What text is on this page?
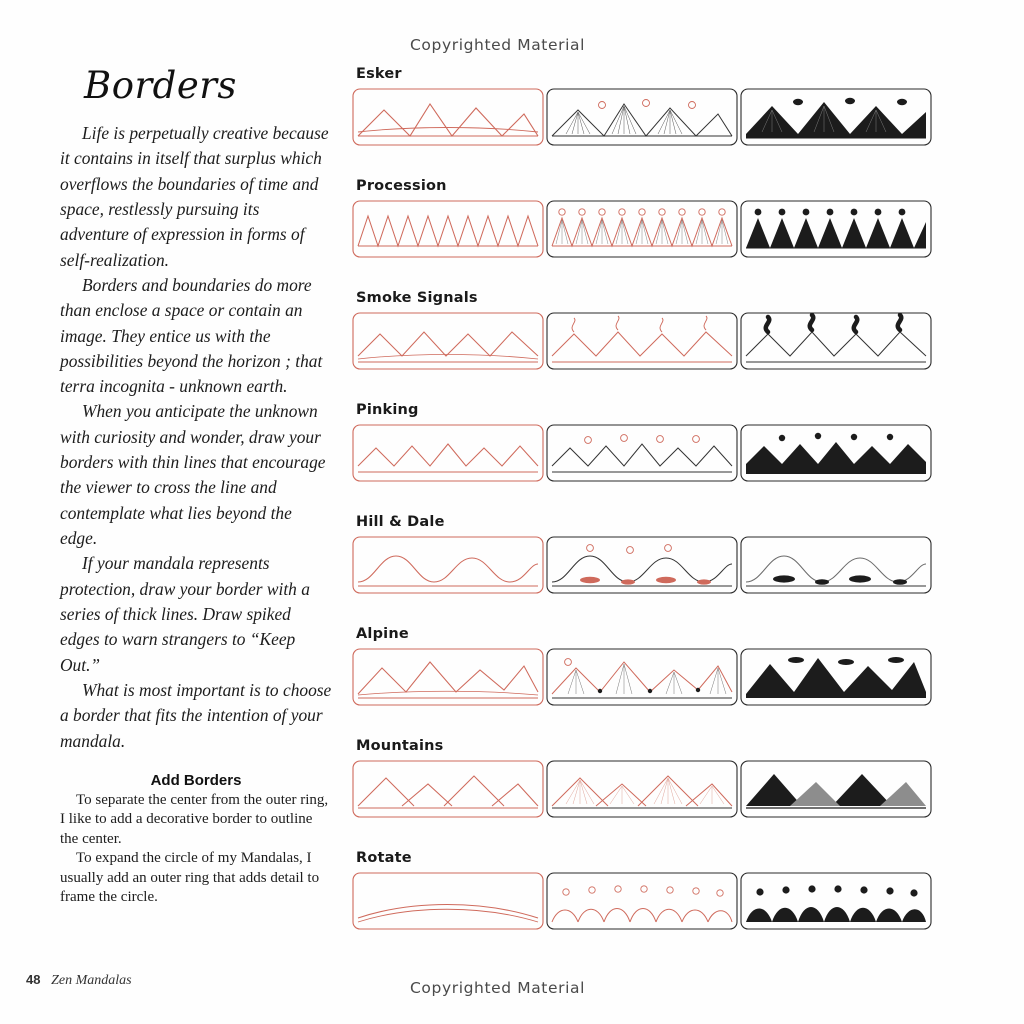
Copyrighted Material
Borders

Life is perpetually creative because it contains in itself that surplus which overflows the boundaries of time and space, restlessly pursuing its adventure of expression in forms of self-realization.

Borders and boundaries do more than enclose a space or contain an image. They entice us with the possibilities beyond the horizon ; that terra incognita - unknown earth.

When you anticipate the unknown with curiosity and wonder, draw your borders with thin lines that encourage the viewer to cross the line and contemplate what lies beyond the edge.

If your mandala represents protection, draw your border with a series of thick lines. Draw spiked edges to warn strangers to “Keep Out.”

What is most important is to choose a border that fits the intention of your mandala.

Add Borders

To separate the center from the outer ring, I like to add a decorative border to outline the center.

To expand the circle of my Mandalas, I usually add an outer ring that adds detail to frame the circle.

48 Zen Mandalas
Esker
Procession
Smoke Signals
Pinking
Hill & Dale
Alpine
Mountains
Rotate
Copyrighted Material
